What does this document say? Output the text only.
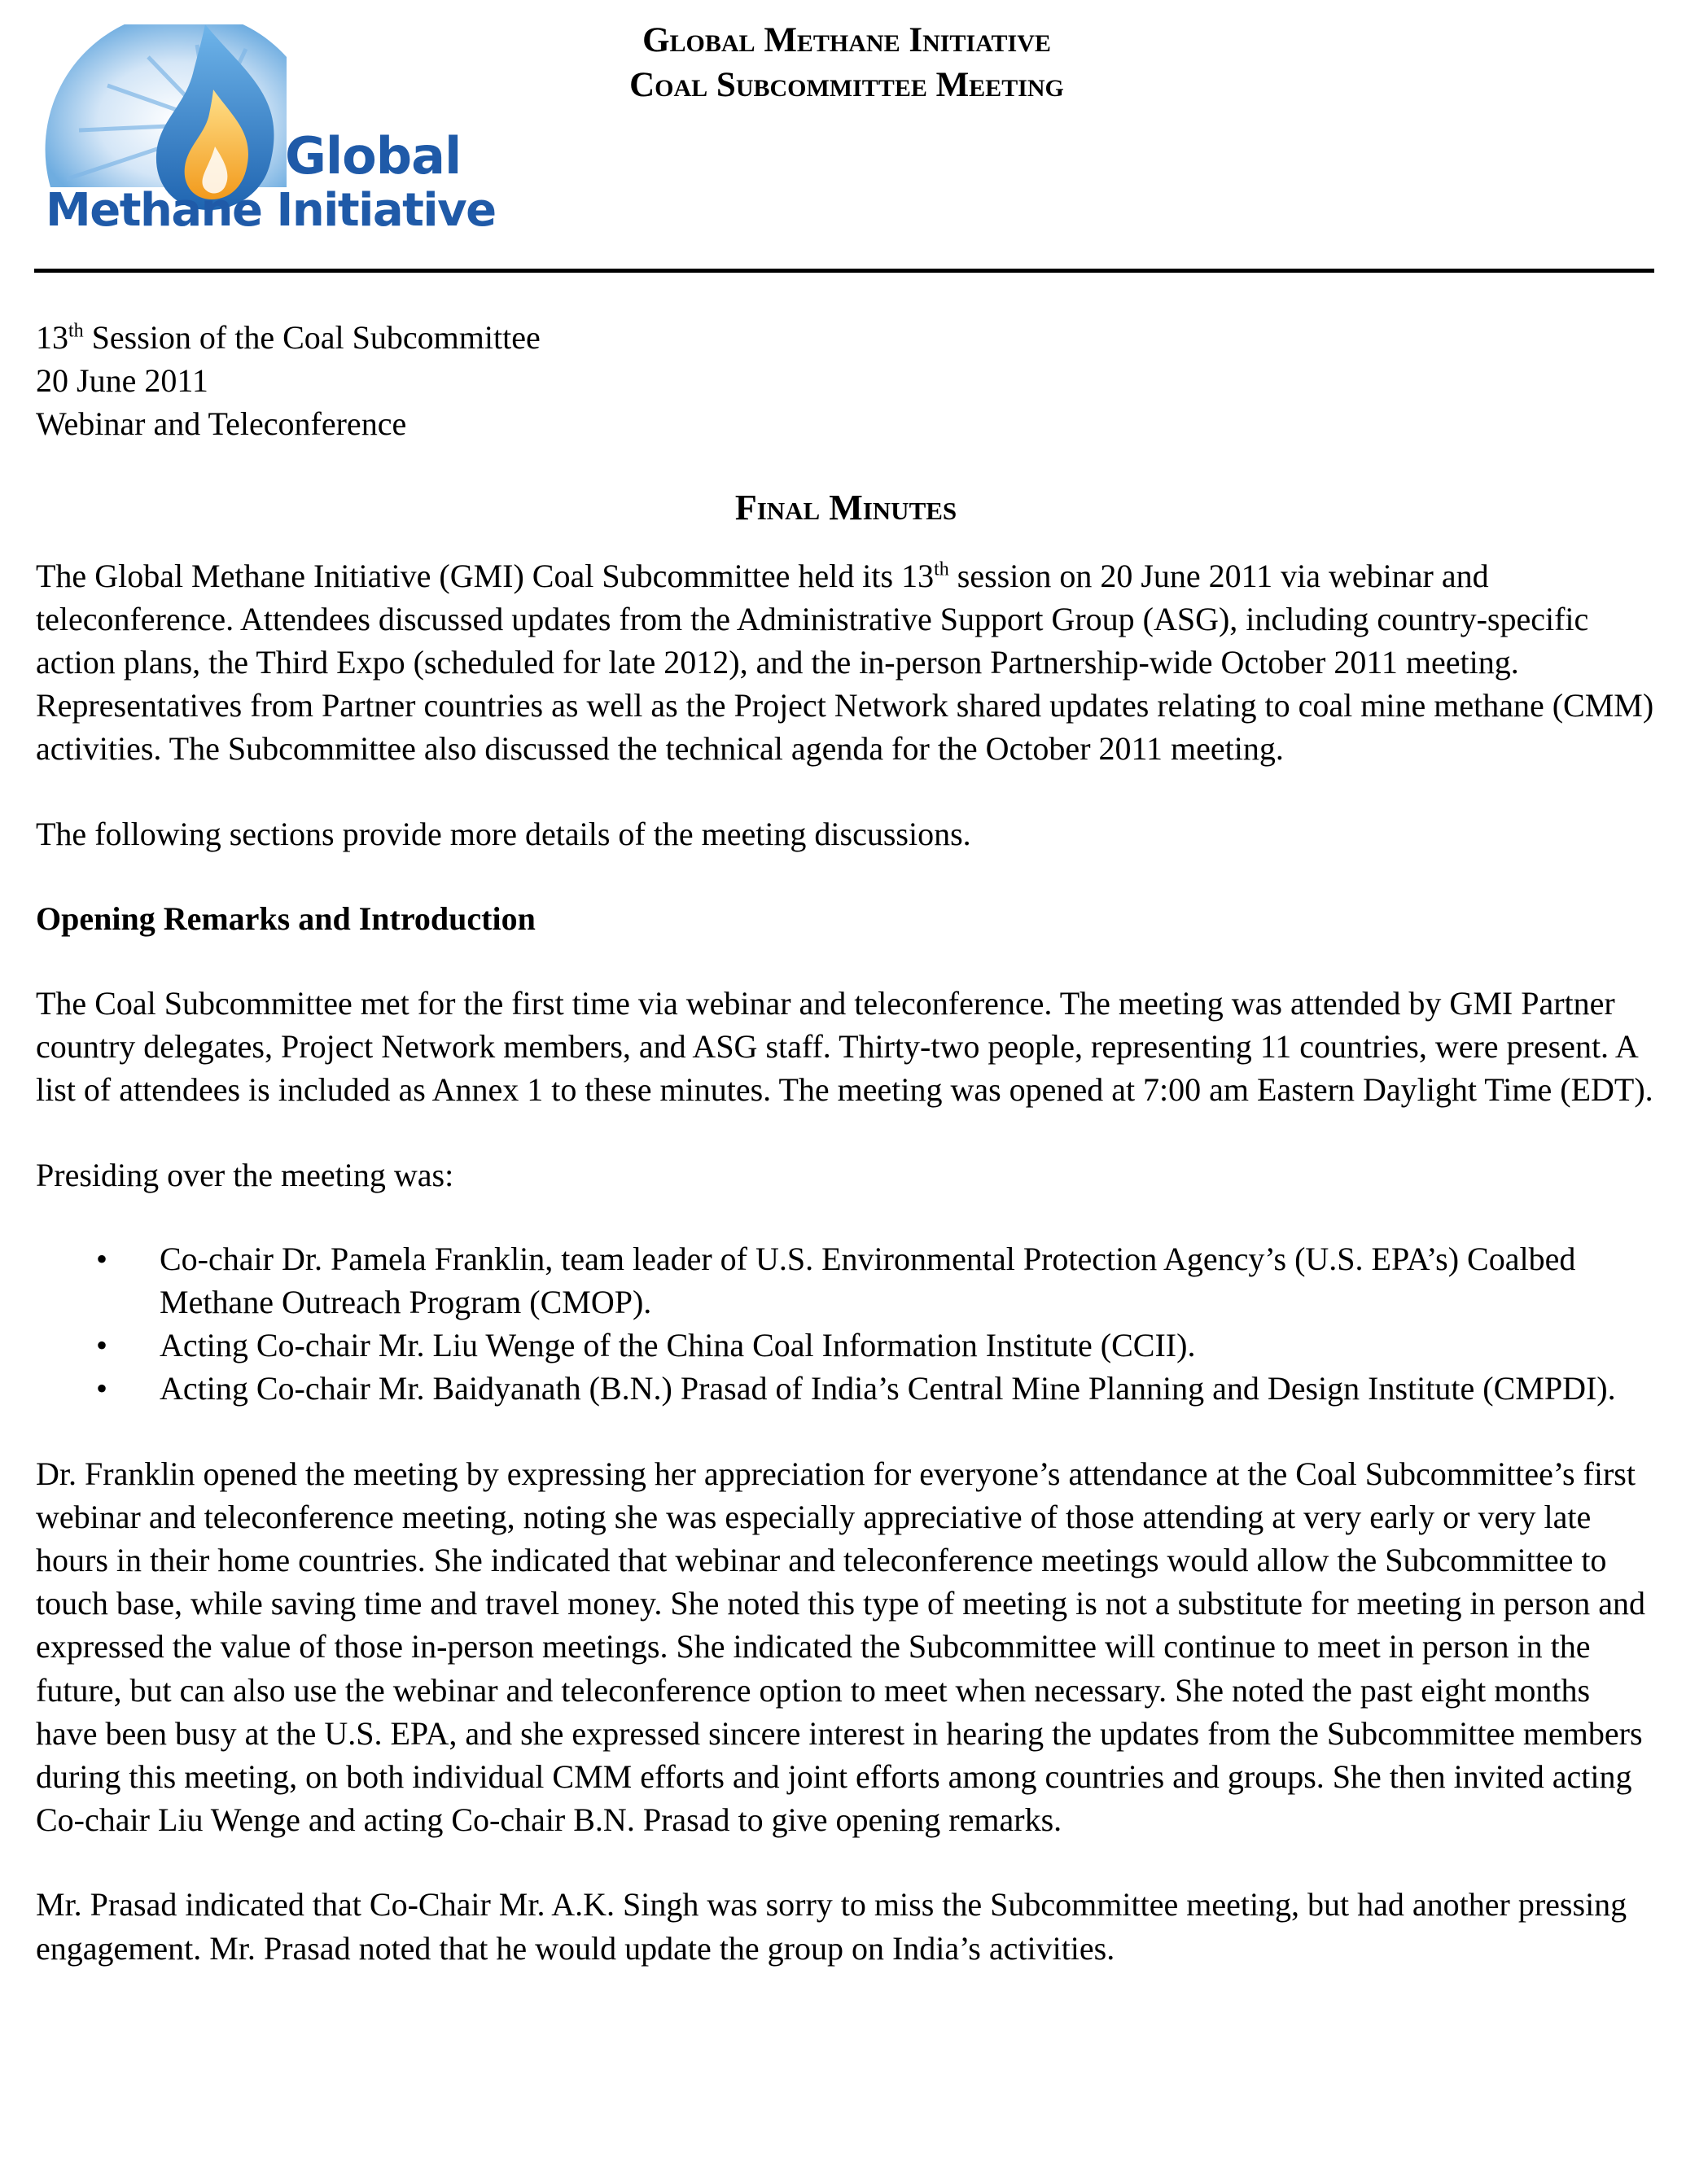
Global
Methane Initiative
Global Methane Initiative
Coal Subcommittee Meeting

13th Session of the Coal Subcommittee

20 June 2011

Webinar and Teleconference

Final Minutes

The Global Methane Initiative (GMI) Coal Subcommittee held its 13th session on 20 June 2011 via webinar and teleconference. Attendees discussed updates from the Administrative Support Group (ASG), including country-specific action plans, the Third Expo (scheduled for late 2012), and the in-person Partnership-wide October 2011 meeting. Representatives from Partner countries as well as the Project Network shared updates relating to coal mine methane (CMM) activities. The Subcommittee also discussed the technical agenda for the October 2011 meeting.

The following sections provide more details of the meeting discussions.

Opening Remarks and Introduction

The Coal Subcommittee met for the first time via webinar and teleconference. The meeting was attended by GMI Partner country delegates, Project Network members, and ASG staff. Thirty-two people, representing 11 countries, were present. A list of attendees is included as Annex 1 to these minutes. The meeting was opened at 7:00 am Eastern Daylight Time (EDT).

Presiding over the meeting was:

• Co-chair Dr. Pamela Franklin, team leader of U.S. Environmental Protection Agency’s (U.S. EPA’s) Coalbed Methane Outreach Program (CMOP).
• Acting Co-chair Mr. Liu Wenge of the China Coal Information Institute (CCII).
• Acting Co-chair Mr. Baidyanath (B.N.) Prasad of India’s Central Mine Planning and Design Institute (CMPDI).

Dr. Franklin opened the meeting by expressing her appreciation for everyone’s attendance at the Coal Subcommittee’s first webinar and teleconference meeting, noting she was especially appreciative of those attending at very early or very late hours in their home countries. She indicated that webinar and teleconference meetings would allow the Subcommittee to touch base, while saving time and travel money. She noted this type of meeting is not a substitute for meeting in person and expressed the value of those in-person meetings. She indicated the Subcommittee will continue to meet in person in the future, but can also use the webinar and teleconference option to meet when necessary. She noted the past eight months have been busy at the U.S. EPA, and she expressed sincere interest in hearing the updates from the Subcommittee members during this meeting, on both individual CMM efforts and joint efforts among countries and groups. She then invited acting Co-chair Liu Wenge and acting Co-chair B.N. Prasad to give opening remarks.

Mr. Prasad indicated that Co-Chair Mr. A.K. Singh was sorry to miss the Subcommittee meeting, but had another pressing engagement. Mr. Prasad noted that he would update the group on India’s activities.
